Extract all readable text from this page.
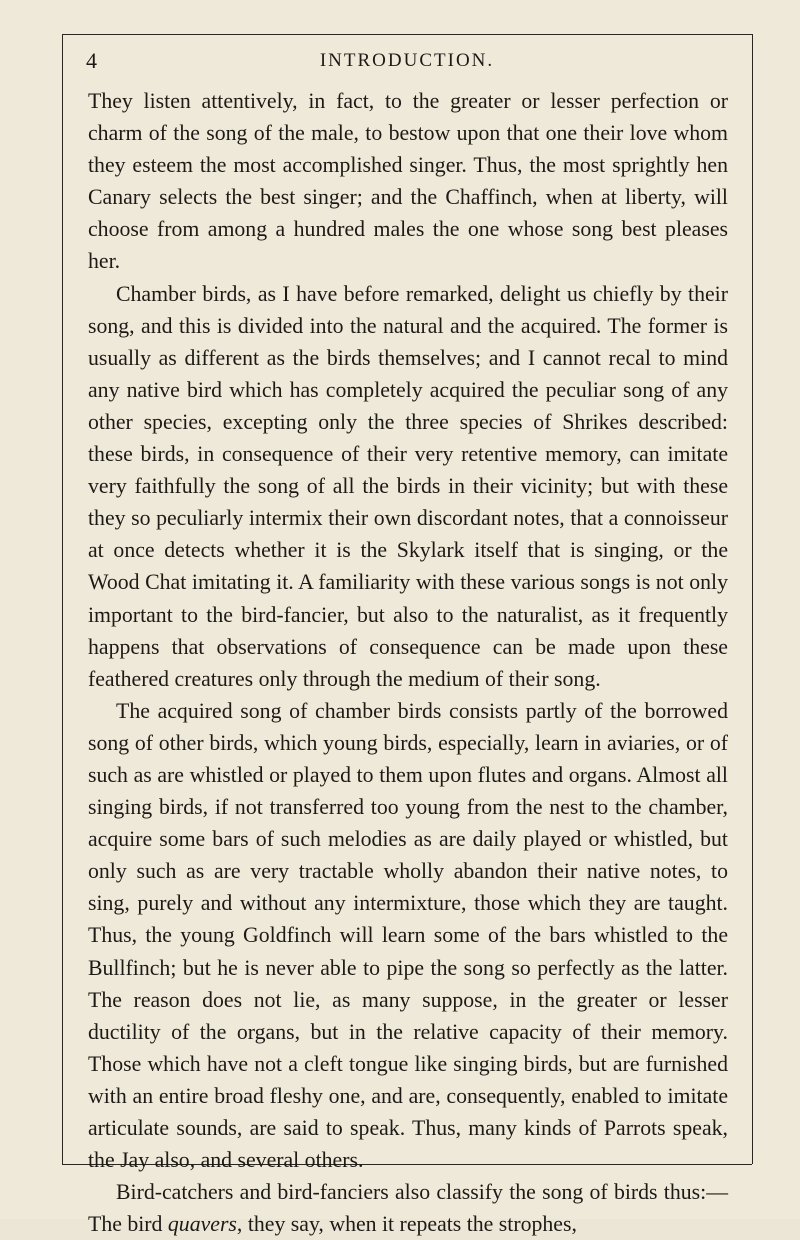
4	INTRODUCTION.

They listen attentively, in fact, to the greater or lesser perfection or charm of the song of the male, to bestow upon that one their love whom they esteem the most accomplished singer. Thus, the most sprightly hen Canary selects the best singer; and the Chaffinch, when at liberty, will choose from among a hundred males the one whose song best pleases her.

Chamber birds, as I have before remarked, delight us chiefly by their song, and this is divided into the natural and the acquired. The former is usually as different as the birds themselves; and I cannot recal to mind any native bird which has completely acquired the peculiar song of any other species, excepting only the three species of Shrikes described: these birds, in consequence of their very retentive memory, can imitate very faithfully the song of all the birds in their vicinity; but with these they so peculiarly intermix their own discordant notes, that a connoisseur at once detects whether it is the Skylark itself that is singing, or the Wood Chat imitating it. A familiarity with these various songs is not only important to the bird-fancier, but also to the naturalist, as it frequently happens that observations of consequence can be made upon these feathered creatures only through the medium of their song.

The acquired song of chamber birds consists partly of the borrowed song of other birds, which young birds, especially, learn in aviaries, or of such as are whistled or played to them upon flutes and organs. Almost all singing birds, if not transferred too young from the nest to the chamber, acquire some bars of such melodies as are daily played or whistled, but only such as are very tractable wholly abandon their native notes, to sing, purely and without any intermixture, those which they are taught. Thus, the young Goldfinch will learn some of the bars whistled to the Bullfinch; but he is never able to pipe the song so perfectly as the latter. The reason does not lie, as many suppose, in the greater or lesser ductility of the organs, but in the relative capacity of their memory. Those which have not a cleft tongue like singing birds, but are furnished with an entire broad fleshy one, and are, consequently, enabled to imitate articulate sounds, are said to speak. Thus, many kinds of Parrots speak, the Jay also, and several others.

Bird-catchers and bird-fanciers also classify the song of birds thus:—The bird quavers, they say, when it repeats the strophes,
